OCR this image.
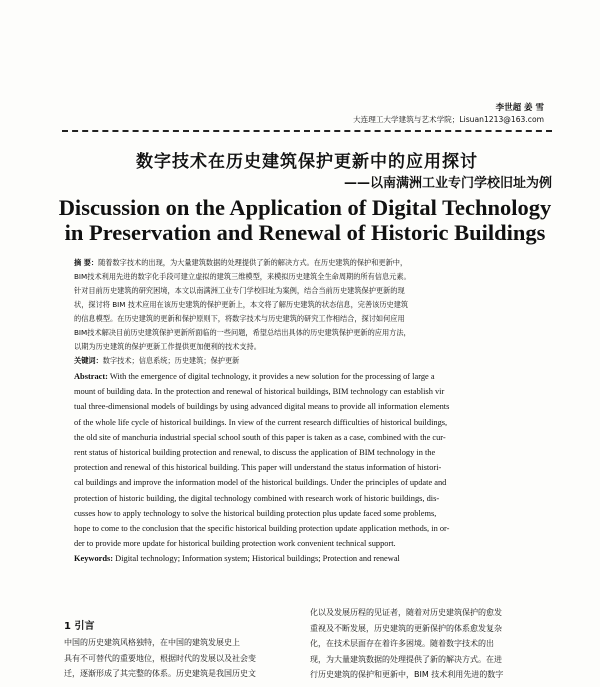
李世超 姜 雪
大连理工大学建筑与艺术学院；Lisuan1213@163.com
数字技术在历史建筑保护更新中的应用探讨
——以南满洲工业专门学校旧址为例
Discussion on the Application of Digital Technology
in Preservation and Renewal of Historic Buildings
摘 要：随着数字技术的出现，为大量建筑数据的处理提供了新的解决方式。在历史建筑的保护和更新中，
BIM技术利用先进的数字化手段可建立虚拟的建筑三维模型，来模拟历史建筑全生命周期的所有信息元素。
针对目前历史建筑的研究困境，本文以南满洲工业专门学校旧址为案例，结合当前历史建筑保护更新的现
状，探讨将 BIM 技术应用在该历史建筑的保护更新上，本文将了解历史建筑的状态信息，完善该历史建筑
的信息模型。在历史建筑的更新和保护原则下，将数字技术与历史建筑的研究工作相结合，探讨如何应用
BIM技术解决目前历史建筑保护更新所面临的一些问题，希望总结出具体的历史建筑保护更新的应用方法，
以期为历史建筑的保护更新工作提供更加便利的技术支持。
关键词：数字技术；信息系统；历史建筑；保护更新
Abstract: With the emergence of digital technology, it provides a new solution for the processing of large a
mount of building data. In the protection and renewal of historical buildings, BIM technology can establish vir
tual three-dimensional models of buildings by using advanced digital means to provide all information elements
of the whole life cycle of historical buildings. In view of the current research difficulties of historical buildings,
the old site of manchuria industrial special school south of this paper is taken as a case, combined with the cur-
rent status of historical building protection and renewal, to discuss the application of BIM technology in the
protection and renewal of this historical building. This paper will understand the status information of histori-
cal buildings and improve the information model of the historical buildings. Under the principles of update and
protection of historic building, the digital technology combined with research work of historic buildings, dis-
cusses how to apply technology to solve the historical building protection plus update faced some problems,
hope to come to the conclusion that the specific historical building protection update application methods, in or-
der to provide more update for historical building protection work convenient technical support.
Keywords: Digital technology; Information system; Historical buildings; Protection and renewal
1 引言
中国的历史建筑风格独特，在中国的建筑发展史上
具有不可替代的重要地位，根据时代的发展以及社会变
迁，逐渐形成了其完整的体系。历史建筑是我国历史文
化以及发展历程的见证者，随着对历史建筑保护的愈发
重视及不断发展，历史建筑的更新保护的体系愈发复杂
化，在技术层面存在着许多困境。随着数字技术的出
现，为大量建筑数据的处理提供了新的解决方式。在进
行历史建筑的保护和更新中，BIM 技术利用先进的数字
